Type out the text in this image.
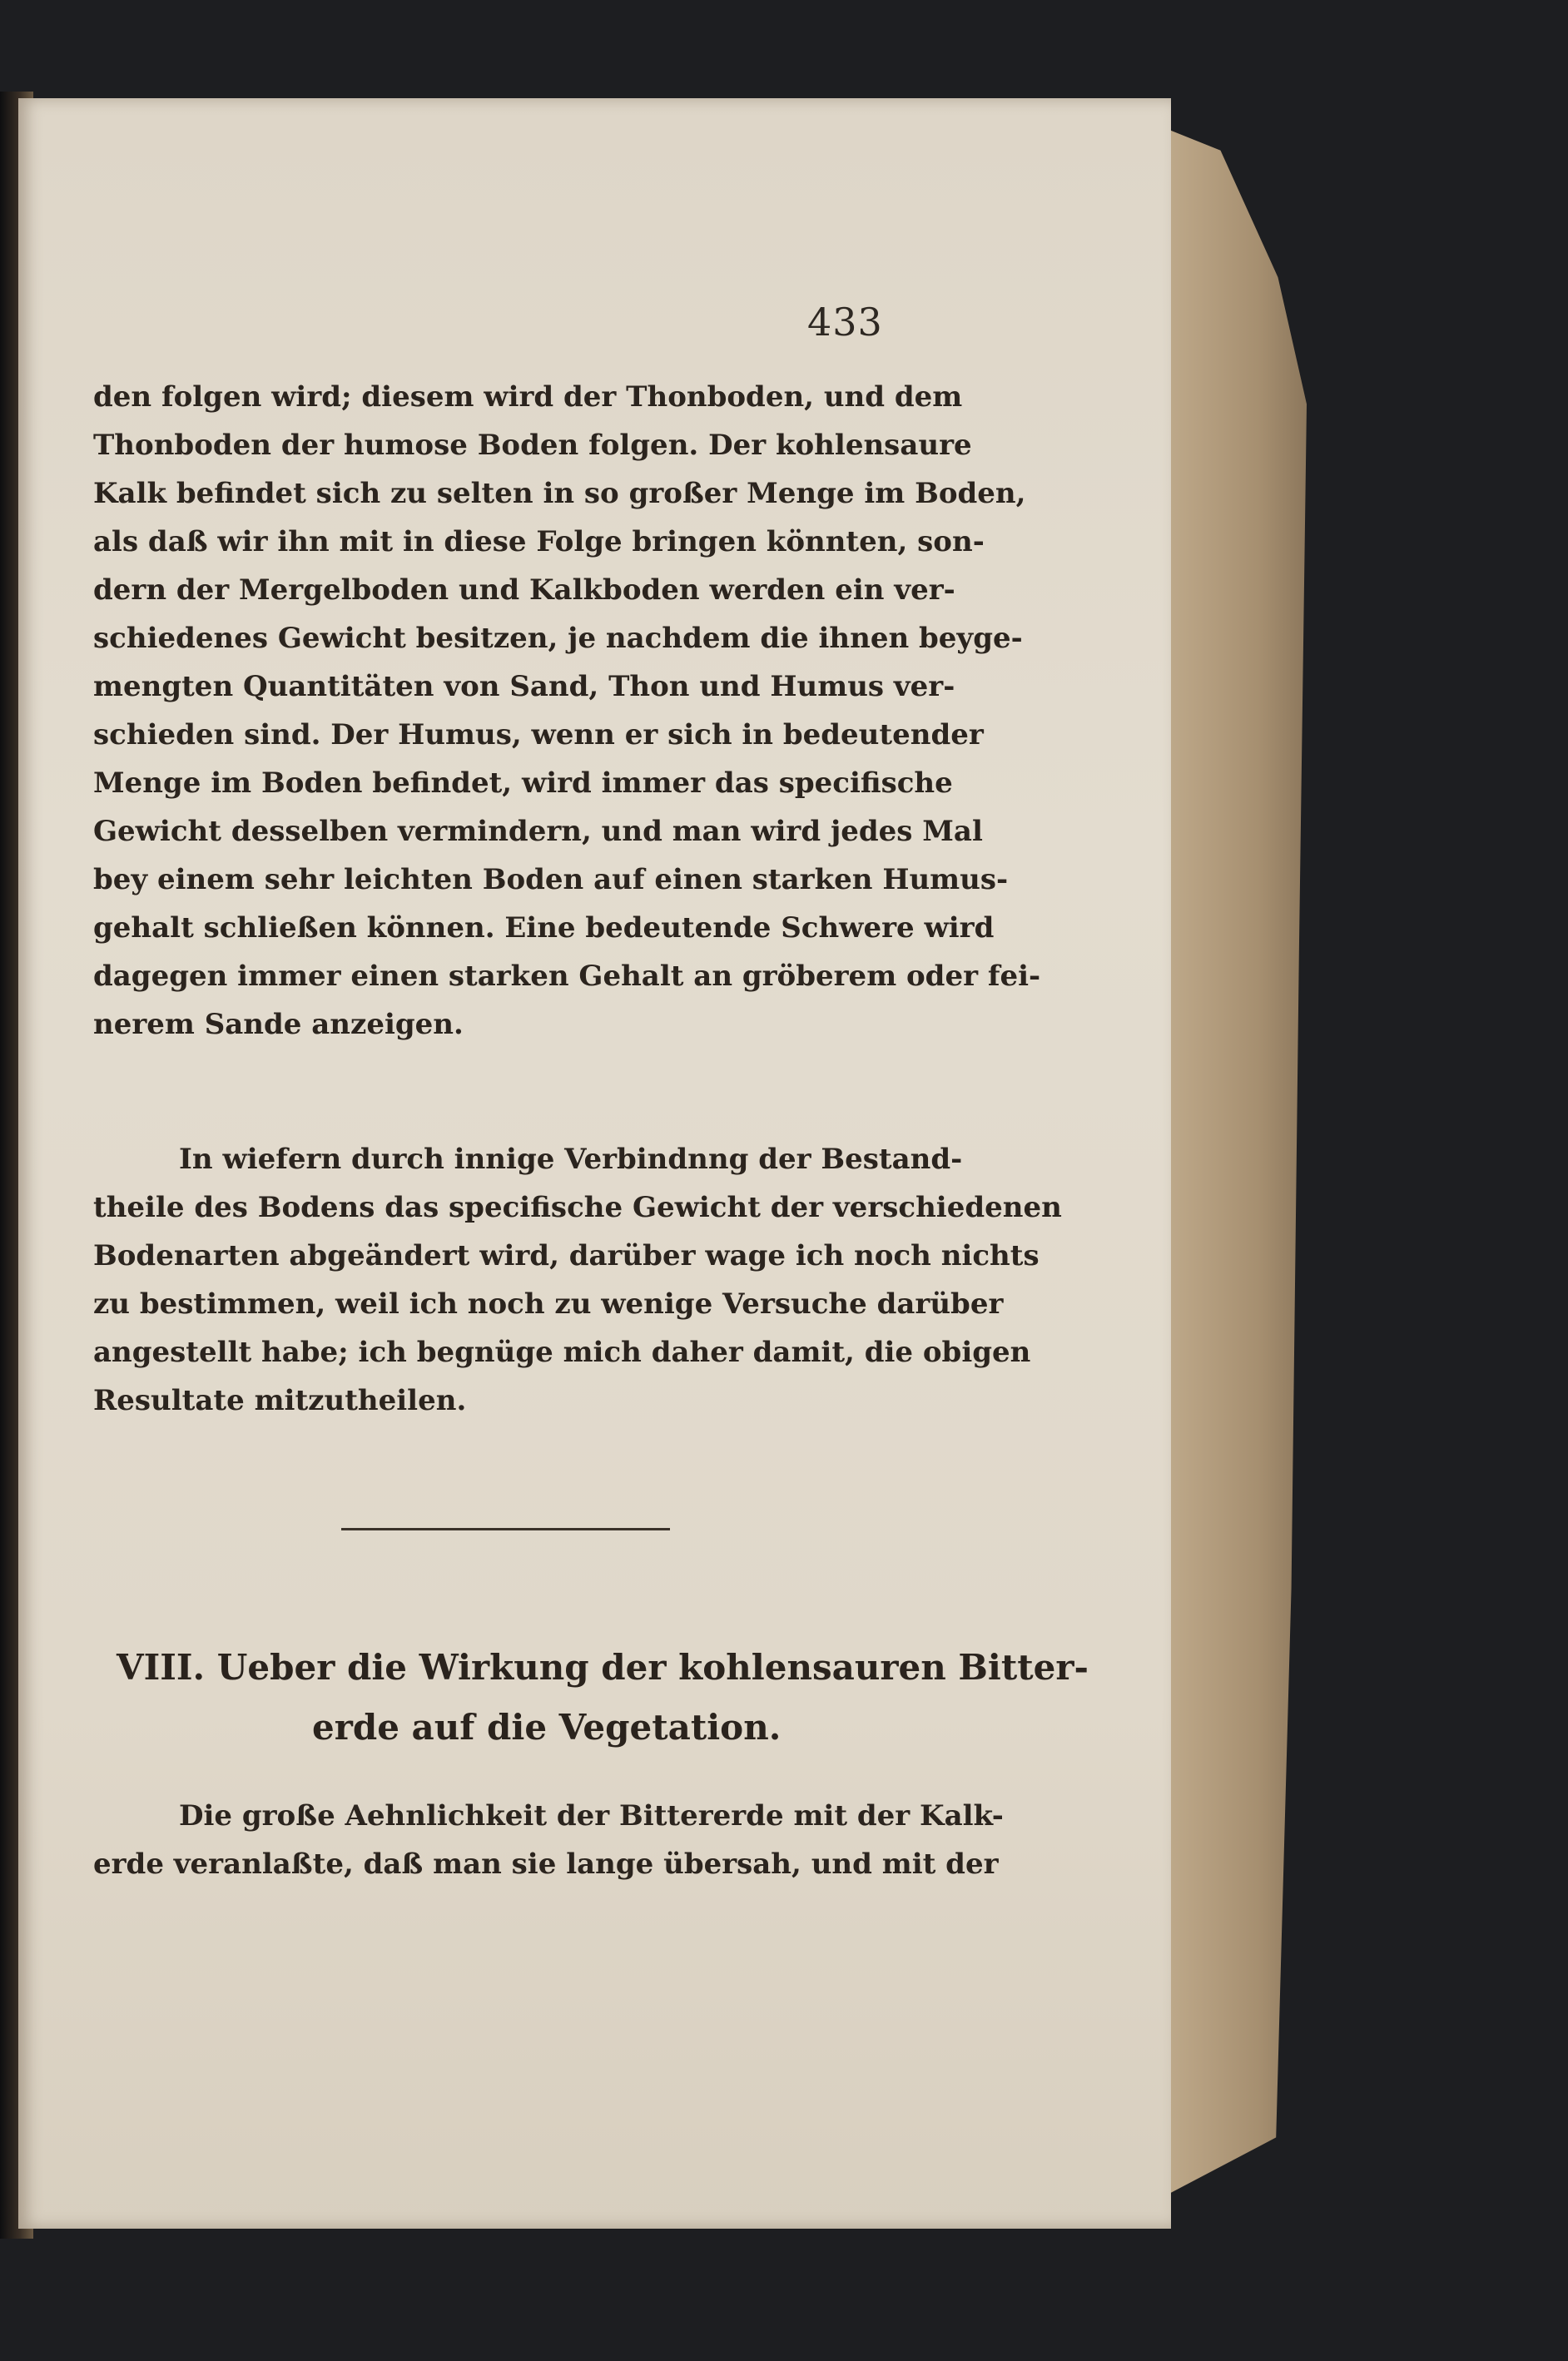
433
den folgen wird; diesem wird der Thonboden, und dem
Thonboden der humose Boden folgen. Der kohlensaure
Kalk befindet sich zu selten in so großer Menge im Boden,
als daß wir ihn mit in diese Folge bringen könnten, son-
dern der Mergelboden und Kalkboden werden ein ver-
schiedenes Gewicht besitzen, je nachdem die ihnen beyge-
mengten Quantitäten von Sand, Thon und Humus ver-
schieden sind. Der Humus, wenn er sich in bedeutender
Menge im Boden befindet, wird immer das specifische
Gewicht desselben vermindern, und man wird jedes Mal
bey einem sehr leichten Boden auf einen starken Humus-
gehalt schließen können. Eine bedeutende Schwere wird
dagegen immer einen starken Gehalt an gröberem oder fei-
nerem Sande anzeigen.
In wiefern durch innige Verbindnng der Bestand-
theile des Bodens das specifische Gewicht der verschiedenen
Bodenarten abgeändert wird, darüber wage ich noch nichts
zu bestimmen, weil ich noch zu wenige Versuche darüber
angestellt habe; ich begnüge mich daher damit, die obigen
Resultate mitzutheilen.
VIII. Ueber die Wirkung der kohlensauren Bitter-
erde auf die Vegetation.
Die große Aehnlichkeit der Bittererde mit der Kalk-
erde veranlaßte, daß man sie lange übersah, und mit der
